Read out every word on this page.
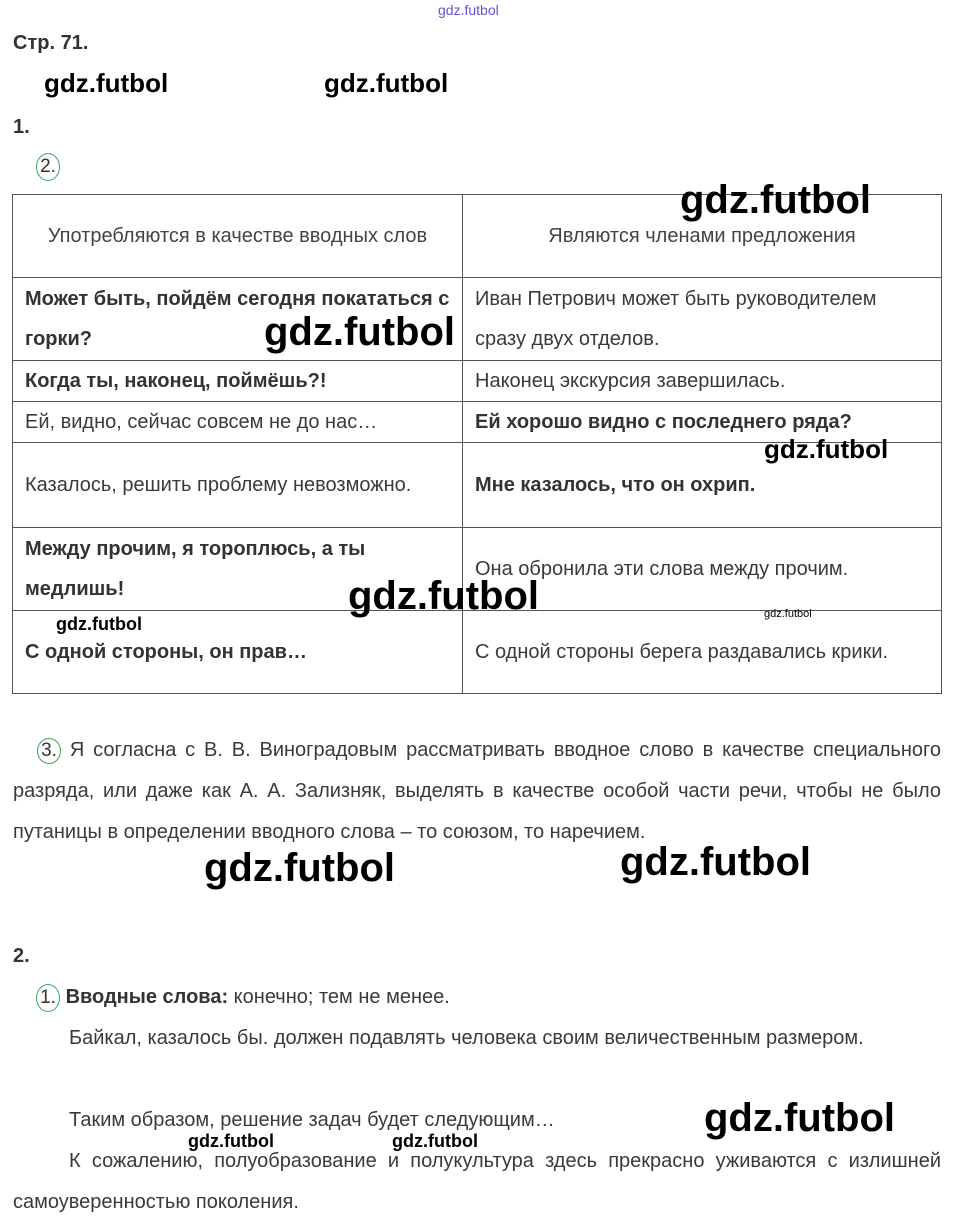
gdz.futbol
Стр. 71.
gdz.futbol	gdz.futbol
1.
2.
Употребляются в качестве вводных слов	Являются членами предложения
Может быть, пойдём сегодня покататься с горки?	Иван Петрович может быть руководителем сразу двух отделов.
Когда ты, наконец, поймёшь?!	Наконец экскурсия завершилась.
Ей, видно, сейчас совсем не до нас…	Ей хорошо видно с последнего ряда?
Казалось, решить проблему невозможно.	Мне казалось, что он охрип.
Между прочим, я тороплюсь, а ты медлишь!	Она обронила эти слова между прочим.
С одной стороны, он прав…	С одной стороны берега раздавались крики.
gdz.futbol
gdz.futbol
gdz.futbol
gdz.futbol
gdz.futbol	gdz.futbol
3. Я согласна с В. В. Виноградовым рассматривать вводное слово в качестве специального разряда, или даже как А. А. Зализняк, выделять в качестве особой части речи, чтобы не было путаницы в определении вводного слова – то союзом, то наречием.
gdz.futbol	gdz.futbol
2.
1. Вводные слова: конечно; тем не менее.
Байкал, казалось бы. должен подавлять человека своим величественным размером.
Таким образом, решение задач будет следующим…
К сожалению, полуобразование и полукультура здесь прекрасно уживаются с излишней самоуверенностью поколения.
gdz.futbol
gdz.futbol	gdz.futbol
